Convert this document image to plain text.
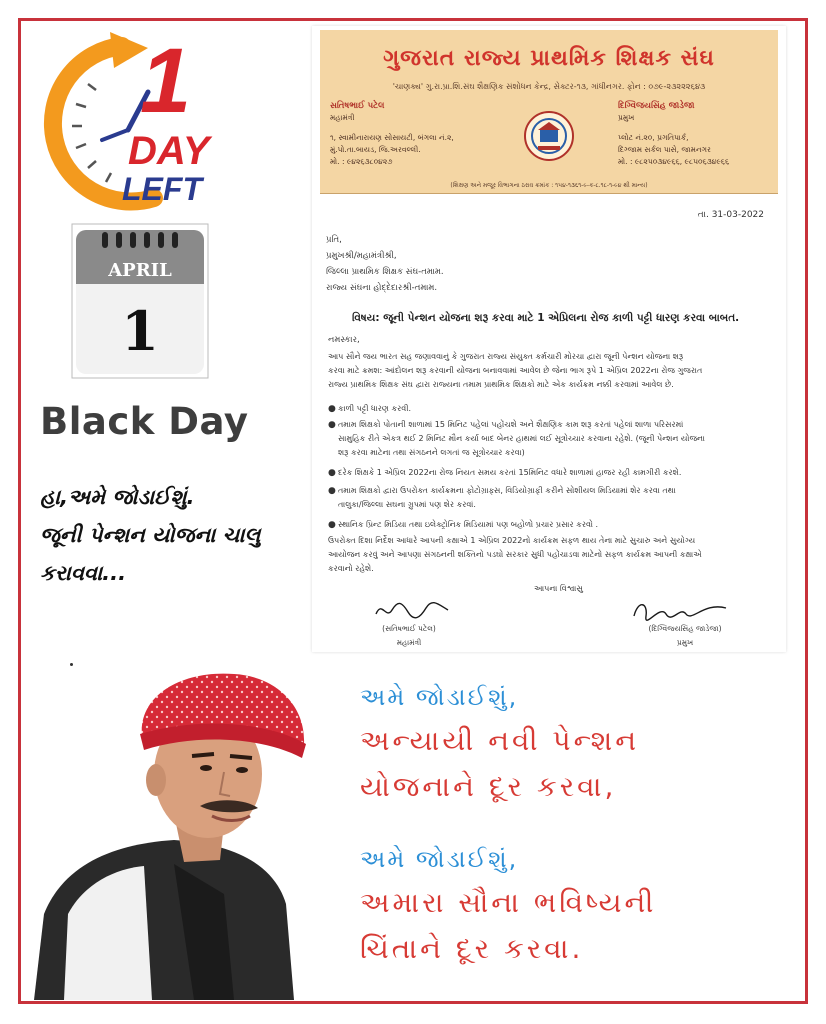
1
DAY
LEFT
APRIL
1
Black Day
હા,અમે જોડાઈશું.
જૂની પેન્શન યોજના ચાલુ
કરાવવા...
ગુજરાત રાજ્ય પ્રાથમિક શિક્ષક સંઘ
'ચાણક્ય' ગુ.રા.પ્રા.શિ.સંઘ શૈક્ષણિક સંશોધન કેન્દ્ર, સેક્ટર-૧૩, ગાંધીનગર. ફોન : ૦૭૯-૨૩૨૨૨૬૪૩
સતિષભાઈ પટેલ
મહામંત્રી
૧, સ્વામીનારાયણ સોસાયટી, બંગલા નં.૨,
મું.પો.તા.બાયડ, જિ.અરવલ્લી.
મો. : ૯૪૨૬૩૮૦૪૨૭
દિગ્વિજયસિંહ જાડેજા
પ્રમુખ
પ્લોટ નં.૨૦, પ્રગતિપાર્ક,
દિગ્જામ સર્કલ પાસે, જામનગર
મો. : ૯૮૨૫૦૩૪૯૬૬, ૯૮૫૦૬૩૪૯૬૬
(શિક્ષણ અને મજૂર વિભાગના ઠરાવ ક્રમાંક : ૧૫૪-૧૩૬૧-૯-ક-૮.૧૮-૧-૯૪ થી માન્ય)
તા. 31-03-2022
પ્રતિ,
પ્રમુખશ્રી/મહામંત્રીશ્રી,
જિલ્લા પ્રાથમિક શિક્ષક સંઘ-તમામ.
રાજ્ય સંઘના હોદ્દેદારશ્રી-તમામ.
વિષય: જૂની પેન્શન યોજના શરૂ કરવા માટે 1 એપ્રિલના રોજ કાળી પટ્ટી ધારણ કરવા બાબત.
નમસ્કાર,
આપ સૌને જય ભારત સહ જણાવવાનું કે ગુજરાત રાજ્ય સંયુક્ત કર્મચારી મોરચા દ્વારા જૂની પેન્શન યોજના શરૂ
કરવા માટે ક્રમશ: આંદોલન શરૂ કરવાની યોજના બનાવવામાં આવેલ છે જેના ભાગ રૂપે 1 એપ્રિલ 2022ના રોજ ગુજરાત
રાજ્ય પ્રાથમિક શિક્ષક સંઘ દ્વારા રાજ્યના તમામ પ્રાથમિક શિક્ષકો માટે એક કાર્યક્રમ નક્કી કરવામાં આવેલ છે.
● કાળી પટ્ટી ધારણ કરવી.
● તમામ શિક્ષકો પોતાની શાળામાં 15 મિનિટ પહેલાં પહોંચશે અને શૈક્ષણિક કામ શરૂ કરતાં પહેલાં શાળા પરિસરમાં
સામુહિક રીતે એકત્ર થઈ 2 મિનિટ મૌન કર્યા બાદ બેનર હાથમાં લઈ સૂત્રોચ્ચાર કરવાના રહેશે. (જૂની પેન્શન યોજના
શરૂ કરવા માટેના તથા સંગઠનને લગતાં જ સૂત્રોચ્ચાર કરવા)
● દરેક શિક્ષકે 1 એપ્રિલ 2022ના રોજ નિયત સમય કરતાં 15મિનિટ વધારે શાળામાં હાજર રહી કામગીરી કરશે.
● તમામ શિક્ષકો દ્વારા ઉપરોક્ત કાર્યક્રમના ફોટોગ્રાફ્સ, વિડિયોગ્રાફી કરીને સોશીયલ મિડિયામાં શેર કરવા તથા
તાલુકા/જિલ્લા સઘના ગ્રુપમાં પણ શેર કરવાં.
● સ્થાનિક પ્રિન્ટ મિડિયા તથા ઇલેક્ટ્રોનિક મિડિયામાં પણ બહોળો પ્રચાર પ્રસાર કરવો .
ઉપરોક્ત દિશા નિર્દેશ આધારે આપની કક્ષાએ 1 એપ્રિલ 2022નો કાર્યક્રમ સફળ થાય તેના માટે સુચારુ અને સુયોગ્ય
આયોજન કરવું અને આપણા સંગઠનની શક્તિનો પડઘો સરકાર સુધી પહોંચાડવા માટેનો સફળ કાર્યક્રમ આપની કક્ષાએ
કરવાનો રહેશે.
આપના વિશ્વાસુ
(સતિષભાઈ પટેલ)
મહામંત્રી
(દિગ્વિજયસિંહ જાડેજા)
પ્રમુખ
અમે જોડાઈશું,
અન્યાયી નવી પેન્શન
યોજનાને દૂર કરવા,
અમે જોડાઈશું,
અમારા સૌના ભવિષ્યની
ચિંતાને દૂર કરવા.
